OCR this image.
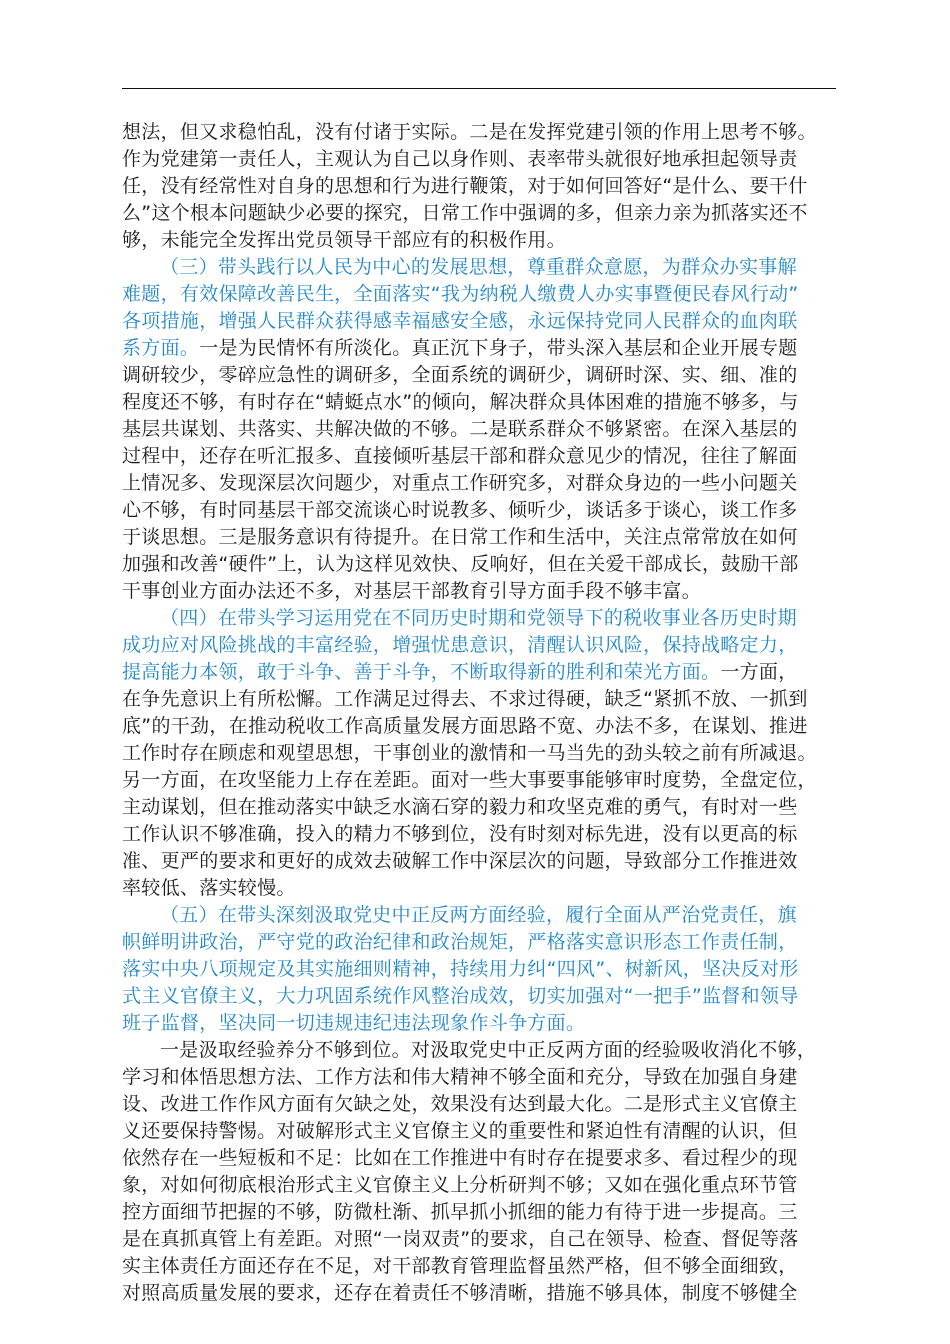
想法，但又求稳怕乱，没有付诸于实际。二是在发挥党建引领的作用上思考不够。
作为党建第一责任人，主观认为自己以身作则、表率带头就很好地承担起领导责
任，没有经常性对自身的思想和行为进行鞭策，对于如何回答好“是什么、要干什
么”这个根本问题缺少必要的探究，日常工作中强调的多，但亲力亲为抓落实还不
够，未能完全发挥出党员领导干部应有的积极作用。
（三）带头践行以人民为中心的发展思想，尊重群众意愿，为群众办实事解
难题，有效保障改善民生，全面落实“我为纳税人缴费人办实事暨便民春风行动”
各项措施，增强人民群众获得感幸福感安全感，永远保持党同人民群众的血肉联
系方面。一是为民情怀有所淡化。真正沉下身子，带头深入基层和企业开展专题
调研较少，零碎应急性的调研多，全面系统的调研少，调研时深、实、细、准的
程度还不够，有时存在“蜻蜓点水”的倾向，解决群众具体困难的措施不够多，与
基层共谋划、共落实、共解决做的不够。二是联系群众不够紧密。在深入基层的
过程中，还存在听汇报多、直接倾听基层干部和群众意见少的情况，往往了解面
上情况多、发现深层次问题少，对重点工作研究多，对群众身边的一些小问题关
心不够，有时同基层干部交流谈心时说教多、倾听少，谈话多于谈心，谈工作多
于谈思想。三是服务意识有待提升。在日常工作和生活中，关注点常常放在如何
加强和改善“硬件”上，认为这样见效快、反响好，但在关爱干部成长，鼓励干部
干事创业方面办法还不多，对基层干部教育引导方面手段不够丰富。
（四）在带头学习运用党在不同历史时期和党领导下的税收事业各历史时期
成功应对风险挑战的丰富经验，增强忧患意识，清醒认识风险，保持战略定力，
提高能力本领，敢于斗争、善于斗争，不断取得新的胜利和荣光方面。一方面，
在争先意识上有所松懈。工作满足过得去、不求过得硬，缺乏“紧抓不放、一抓到
底”的干劲，在推动税收工作高质量发展方面思路不宽、办法不多，在谋划、推进
工作时存在顾虑和观望思想，干事创业的激情和一马当先的劲头较之前有所减退。
另一方面，在攻坚能力上存在差距。面对一些大事要事能够审时度势，全盘定位，
主动谋划，但在推动落实中缺乏水滴石穿的毅力和攻坚克难的勇气，有时对一些
工作认识不够准确，投入的精力不够到位，没有时刻对标先进，没有以更高的标
准、更严的要求和更好的成效去破解工作中深层次的问题，导致部分工作推进效
率较低、落实较慢。
（五）在带头深刻汲取党史中正反两方面经验，履行全面从严治党责任，旗
帜鲜明讲政治，严守党的政治纪律和政治规矩，严格落实意识形态工作责任制，
落实中央八项规定及其实施细则精神，持续用力纠“四风”、树新风，坚决反对形
式主义官僚主义，大力巩固系统作风整治成效，切实加强对“一把手”监督和领导
班子监督，坚决同一切违规违纪违法现象作斗争方面。
一是汲取经验养分不够到位。对汲取党史中正反两方面的经验吸收消化不够，
学习和体悟思想方法、工作方法和伟大精神不够全面和充分，导致在加强自身建
设、改进工作作风方面有欠缺之处，效果没有达到最大化。二是形式主义官僚主
义还要保持警惕。对破解形式主义官僚主义的重要性和紧迫性有清醒的认识，但
依然存在一些短板和不足：比如在工作推进中有时存在提要求多、看过程少的现
象，对如何彻底根治形式主义官僚主义上分析研判不够；又如在强化重点环节管
控方面细节把握的不够，防微杜渐、抓早抓小抓细的能力有待于进一步提高。三
是在真抓真管上有差距。对照“一岗双责”的要求，自己在领导、检查、督促等落
实主体责任方面还存在不足，对干部教育管理监督虽然严格，但不够全面细致，
对照高质量发展的要求，还存在着责任不够清晰，措施不够具体，制度不够健全
